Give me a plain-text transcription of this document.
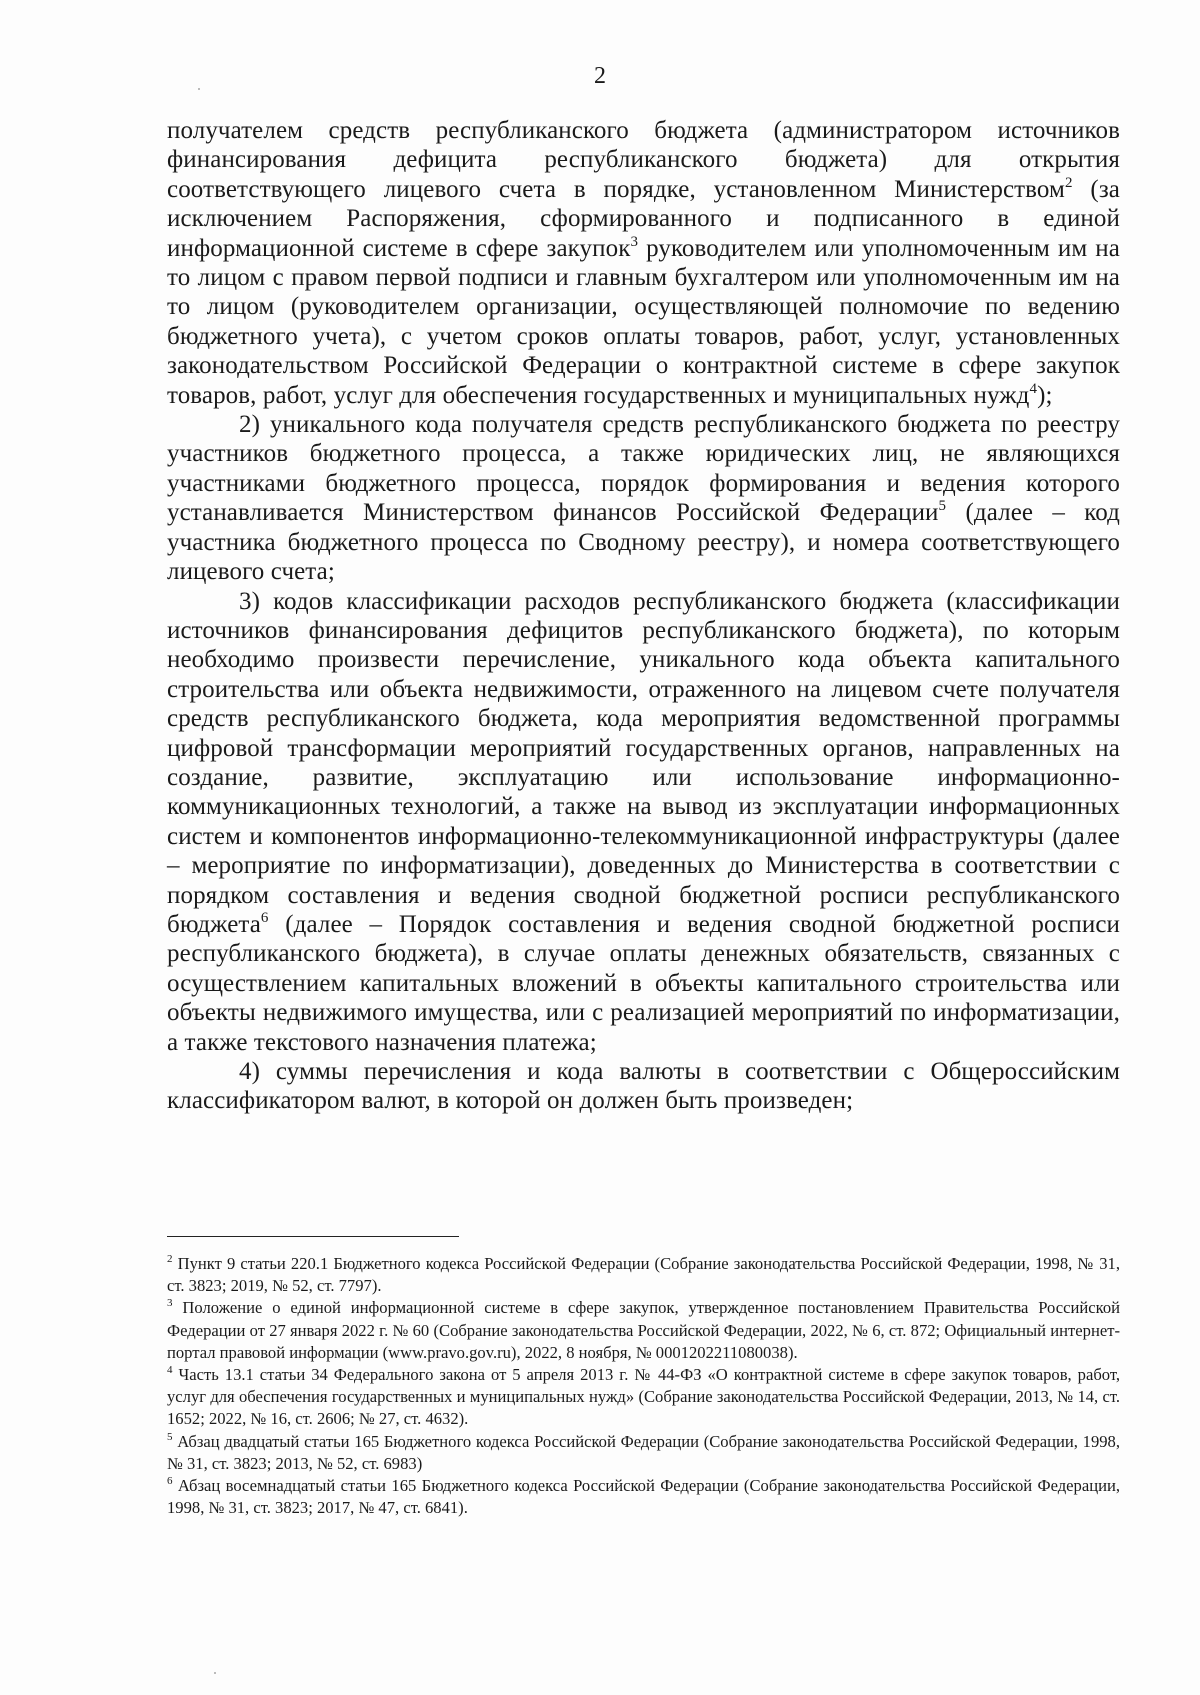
2

получателем средств республиканского бюджета (администратором источников финансирования дефицита республиканского бюджета) для открытия соответствующего лицевого счета в порядке, установленном Министерством$^2$ (за исключением Распоряжения, сформированного и подписанного в единой информационной системе в сфере закупок$^3$ руководителем или уполномоченным им на то лицом с правом первой подписи и главным бухгалтером или уполномоченным им на то лицом (руководителем организации, осуществляющей полномочие по ведению бюджетного учета), с учетом сроков оплаты товаров, работ, услуг, установленных законодательством Российской Федерации о контрактной системе в сфере закупок товаров, работ, услуг для обеспечения государственных и муниципальных нужд$^4$);

2) уникального кода получателя средств республиканского бюджета по реестру участников бюджетного процесса, а также юридических лиц, не являющихся участниками бюджетного процесса, порядок формирования и ведения которого устанавливается Министерством финансов Российской Федерации$^5$ (далее – код участника бюджетного процесса по Сводному реестру), и номера соответствующего лицевого счета;

3) кодов классификации расходов республиканского бюджета (классификации источников финансирования дефицитов республиканского бюджета), по которым необходимо произвести перечисление, уникального кода объекта капитального строительства или объекта недвижимости, отраженного на лицевом счете получателя средств республиканского бюджета, кода мероприятия ведомственной программы цифровой трансформации мероприятий государственных органов, направленных на создание, развитие, эксплуатацию или использование информационно-коммуникационных технологий, а также на вывод из эксплуатации информационных систем и компонентов информационно-телекоммуникационной инфраструктуры (далее – мероприятие по информатизации), доведенных до Министерства в соответствии с порядком составления и ведения сводной бюджетной росписи республиканского бюджета$^6$ (далее – Порядок составления и ведения сводной бюджетной росписи республиканского бюджета), в случае оплаты денежных обязательств, связанных с осуществлением капитальных вложений в объекты капитального строительства или объекты недвижимого имущества, или с реализацией мероприятий по информатизации, а также текстового назначения платежа;

4) суммы перечисления и кода валюты в соответствии с Общероссийским классификатором валют, в которой он должен быть произведен;

$^2$ Пункт 9 статьи 220.1 Бюджетного кодекса Российской Федерации (Собрание законодательства Российской Федерации, 1998, № 31, ст. 3823; 2019, № 52, ст. 7797).

$^3$ Положение о единой информационной системе в сфере закупок, утвержденное постановлением Правительства Российской Федерации от 27 января 2022 г. № 60 (Собрание законодательства Российской Федерации, 2022, № 6, ст. 872; Официальный интернет-портал правовой информации (www.pravo.gov.ru), 2022, 8 ноября, № 0001202211080038).

$^4$ Часть 13.1 статьи 34 Федерального закона от 5 апреля 2013 г. № 44-ФЗ «О контрактной системе в сфере закупок товаров, работ, услуг для обеспечения государственных и муниципальных нужд» (Собрание законодательства Российской Федерации, 2013, № 14, ст. 1652; 2022, № 16, ст. 2606; № 27, ст. 4632).

$^5$ Абзац двадцатый статьи 165 Бюджетного кодекса Российской Федерации (Собрание законодательства Российской Федерации, 1998, № 31, ст. 3823; 2013, № 52, ст. 6983)

$^6$ Абзац восемнадцатый статьи 165 Бюджетного кодекса Российской Федерации (Собрание законодательства Российской Федерации, 1998, № 31, ст. 3823; 2017, № 47, ст. 6841).
